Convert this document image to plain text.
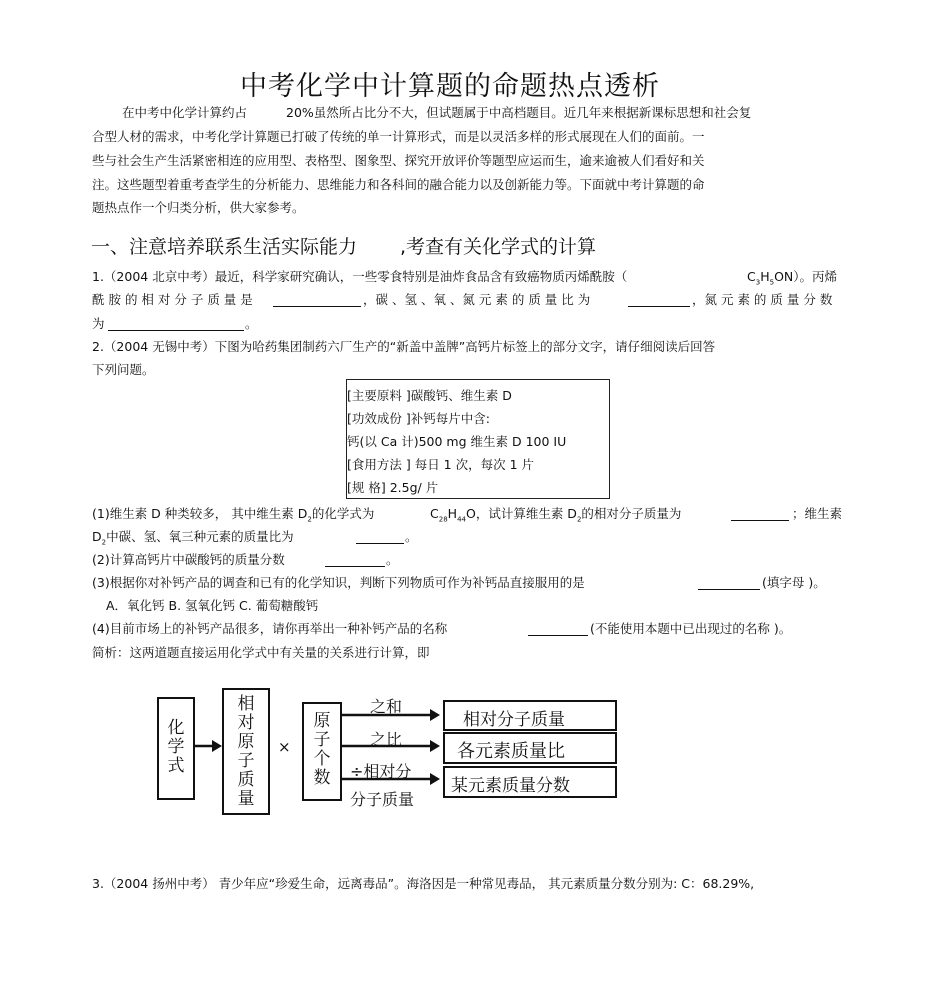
中考化学中计算题的命题热点透析
在中考中化学计算约占	20%虽然所占比分不大，但试题属于中高档题目。近几年来根据新课标思想和社会复
合型人材的需求，中考化学计算题已打破了传统的单一计算形式，而是以灵活多样的形式展现在人们的面前。一
些与社会生产生活紧密相连的应用型、表格型、图象型、探究开放评价等题型应运而生，逾来逾被人们看好和关
注。这些题型着重考查学生的分析能力、思维能力和各科间的融合能力以及创新能力等。下面就中考计算题的命
题热点作一个归类分析，供大家参考。
一、注意培养联系生活实际能力 ,考查有关化学式的计算
1.（2004 北京中考）最近，科学家研究确认，一些零食特别是油炸食品含有致癌物质丙烯酰胺（	$C_3H_5ON$）。丙烯
酰 胺 的 相 对 分 子 质 量 是	，碳 、氢 、氧 、氮 元 素 的 质 量 比 为	，氮 元 素 的 质 量 分 数
为	。
2.（2004 无锡中考）下图为哈药集团制药六厂生产的“新盖中盖牌”高钙片标签上的部分文字，请仔细阅读后回答
下列问题。
[主要原料 ]碳酸钙、维生素 D
[功效成份 ]补钙每片中含:
钙(以 Ca 计)500 mg 维生素 D 100 IU
[食用方法 ] 每日 1 次，每次 1 片
[规 格] 2.5g/ 片
(1)维生素 D 种类较多， 其中维生素 $D_2$的化学式为	$C_{28}H_{44}O$，试计算维生素 $D_2$的相对分子质量为	；维生素
$D_2$中碳、氢、氧三种元素的质量比为	。
(2)计算高钙片中碳酸钙的质量分数	。
(3)根据你对补钙产品的调查和已有的化学知识，判断下列物质可作为补钙品直接服用的是	(填字母 )。
A．氧化钙 B. 氢氧化钙 C. 葡萄糖酸钙
(4)目前市场上的补钙产品很多，请你再举出一种补钙产品的名称	(不能使用本题中已出现过的名称 )。
简析：这两道题直接运用化学式中有关量的关系进行计算，即
化学式
相对原子质量
×
原子个数
之和
之比
÷相对分
分子质量
相对分子质量
各元素质量比
某元素质量分数
3.（2004 扬州中考） 青少年应“珍爱生命，远离毒品”。海洛因是一种常见毒品， 其元素质量分数分别为: C：68.29%,
